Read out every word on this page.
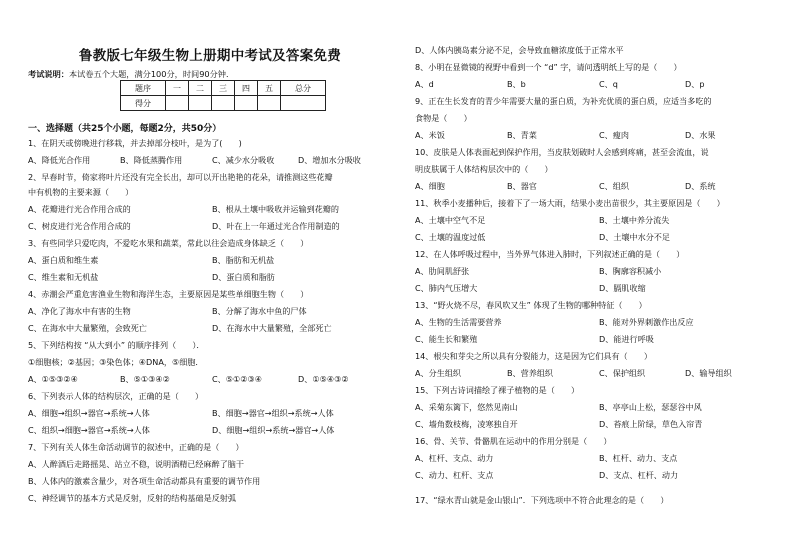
鲁教版七年级生物上册期中考试及答案免费
考试说明：本试卷五个大题，满分100分，时间90分钟．
题序	一	二	三	四	五	总分
得分						
一、选择题（共25个小题，每题2分，共50分）
1、在阴天或傍晚进行移栽，并去掉部分枝叶，是为了(　　)
A、降低光合作用	B、降低蒸腾作用	C、减少水分吸收	D、增加水分吸收
2、早春时节，倚家将叶片还没有完全长出，却可以开出艳艳的花朵，请推测这些花瓣
中有机物的主要来源（　　）
A、花瓣进行光合作用合成的	B、根从土壤中吸收并运输到花瓣的
C、树皮进行光合作用合成的	D、叶在上一年通过光合作用制造的
3、有些同学只爱吃肉，不爱吃水果和蔬菜，常此以往会造成身体缺乏（　　）
A、蛋白质和维生素	B、脂肪和无机盐
C、维生素和无机盐	D、蛋白质和脂肪
4、赤潮会严重危害渔业生物和海洋生态，主要原因是某些单细胞生物（　　）
A、净化了海水中有害的生物	B、分解了海水中鱼的尸体
C、在海水中大量繁殖，会致死亡	D、在海水中大量繁殖，全部死亡
5、下列结构按 “从大到小” 的顺序排列（　　）．
①细胞核；②基因；③染色体；④DNA，⑤细胞．
A、①⑤③②④	B、⑤①③④②	C、⑤①②③④	D、①⑤④③②
6、下列表示人体的结构层次，正确的是（　　）
A、细胞→组织→器官→系统→人体	B、细胞→器官→组织→系统→人体
C、组织→细胞→器官→系统→人体	D、细胞→组织→系统→器官→人体
7、下列有关人体生命活动调节的叙述中，正确的是（　　）
A、人醉酒后走路摇晃、站立不稳，说明酒精已经麻醉了脑干
B、人体内的激素含量少，对各项生命活动都具有重要的调节作用
C、神经调节的基本方式是反射，反射的结构基础是反射弧
D、人体内胰岛素分泌不足，会导致血糖浓度低于正常水平
8、小明在显微镜的视野中看到一个 “d” 字，请问透明纸上写的是（　　）
A、d	B、b	C、q	D、p
9、正在生长发育的青少年需要大量的蛋白质，为补充优质的蛋白质，应适当多吃的
食物是（　　）
A、米饭	B、青菜	C、瘦肉	D、水果
10、皮肤是人体表面起到保护作用，当皮肤划破时人会感到疼痛，甚至会流血，说
明皮肤属于人体结构层次中的（　　）
A、细胞	B、器官	C、组织	D、系统
11、秋季小麦播种后，接着下了一场大雨，结果小麦出苗很少，其主要原因是（　　）
A、土壤中空气不足	B、土壤中养分流失
C、土壤的温度过低	D、土壤中水分不足
12、在人体呼吸过程中，当外界气体进入肺时，下列叙述正确的是（　　）
A、肋间肌舒张	B、胸廓容积减小
C、肺内气压增大	D、膈肌收缩
13、“野火烧不尽，春风吹又生” 体现了生物的哪种特征（　　）
A、生物的生活需要营养	B、能对外界刺激作出反应
C、能生长和繁殖	D、能进行呼吸
14、根尖和芽尖之所以具有分裂能力，这是因为它们具有（　　）
A、分生组织	B、营养组织	C、保护组织	D、输导组织
15、下列古诗词描绘了裸子植物的是（　　）
A、采菊东篱下，悠然见南山	B、亭亭山上松，瑟瑟谷中风
C、墙角数枝梅，凌寒独自开	D、苔痕上阶绿，草色入帘青
16、骨、关节、骨骼肌在运动中的作用分别是（　　）
A、杠杆、支点、动力	B、杠杆、动力、支点
C、动力、杠杆、支点	D、支点、杠杆、动力
17、“绿水青山就是金山银山”．下列选项中不符合此理念的是（　　）
